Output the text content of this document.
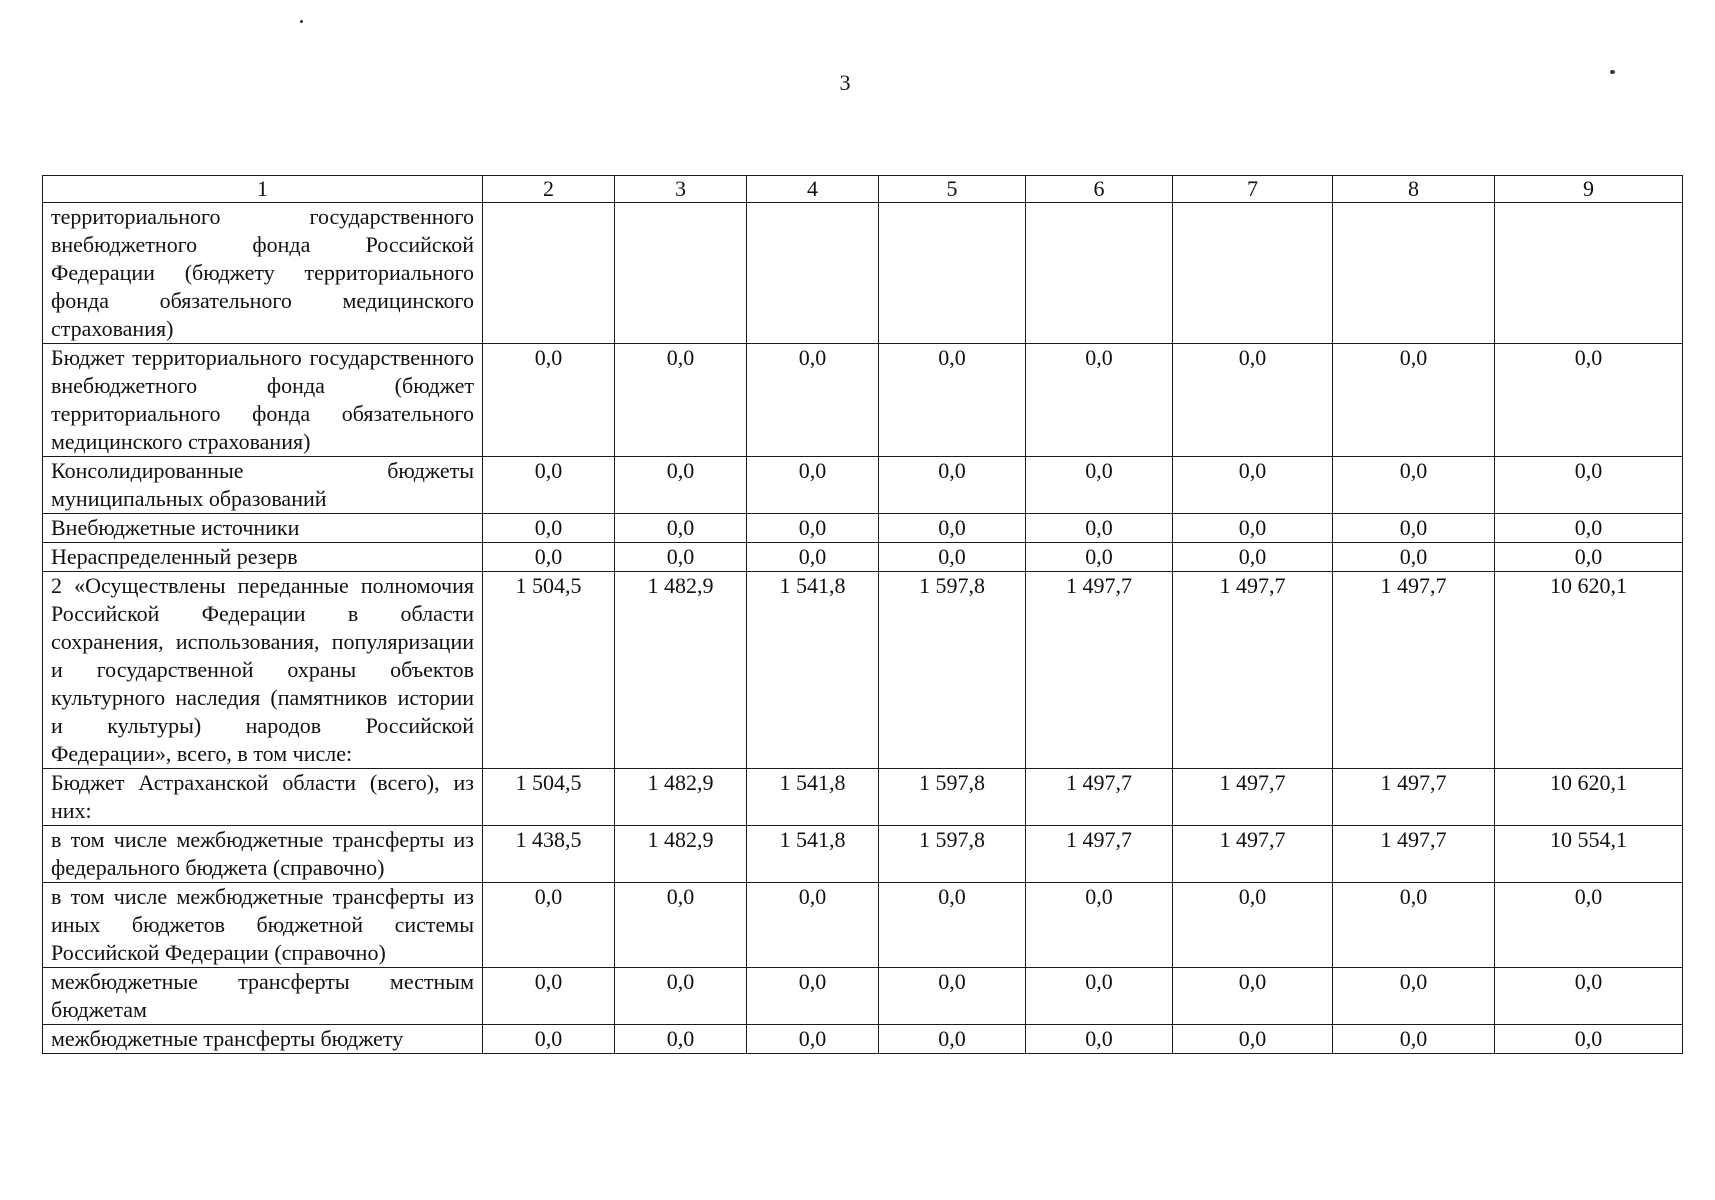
3
1	2	3	4	5	6	7	8	9
территориального государственного внебюджетного фонда Российской Федерации (бюджету территориального фонда обязательного медицинского страхования)								
Бюджет территориального государственного внебюджетного фонда (бюджет территориального фонда обязательного медицинского страхования)	0,0	0,0	0,0	0,0	0,0	0,0	0,0	0,0
Консолидированные бюджеты муниципальных образований	0,0	0,0	0,0	0,0	0,0	0,0	0,0	0,0
Внебюджетные источники	0,0	0,0	0,0	0,0	0,0	0,0	0,0	0,0
Нераспределенный резерв	0,0	0,0	0,0	0,0	0,0	0,0	0,0	0,0
2 «Осуществлены переданные полномочия Российской Федерации в области сохранения, использования, популяризации и государственной охраны объектов культурного наследия (памятников истории и культуры) народов Российской Федерации», всего, в том числе:	1 504,5	1 482,9	1 541,8	1 597,8	1 497,7	1 497,7	1 497,7	10 620,1
Бюджет Астраханской области (всего), из них:	1 504,5	1 482,9	1 541,8	1 597,8	1 497,7	1 497,7	1 497,7	10 620,1
в том числе межбюджетные трансферты из федерального бюджета (справочно)	1 438,5	1 482,9	1 541,8	1 597,8	1 497,7	1 497,7	1 497,7	10 554,1
в том числе межбюджетные трансферты из иных бюджетов бюджетной системы Российской Федерации (справочно)	0,0	0,0	0,0	0,0	0,0	0,0	0,0	0,0
межбюджетные трансферты местным бюджетам	0,0	0,0	0,0	0,0	0,0	0,0	0,0	0,0
межбюджетные трансферты бюджету	0,0	0,0	0,0	0,0	0,0	0,0	0,0	0,0
